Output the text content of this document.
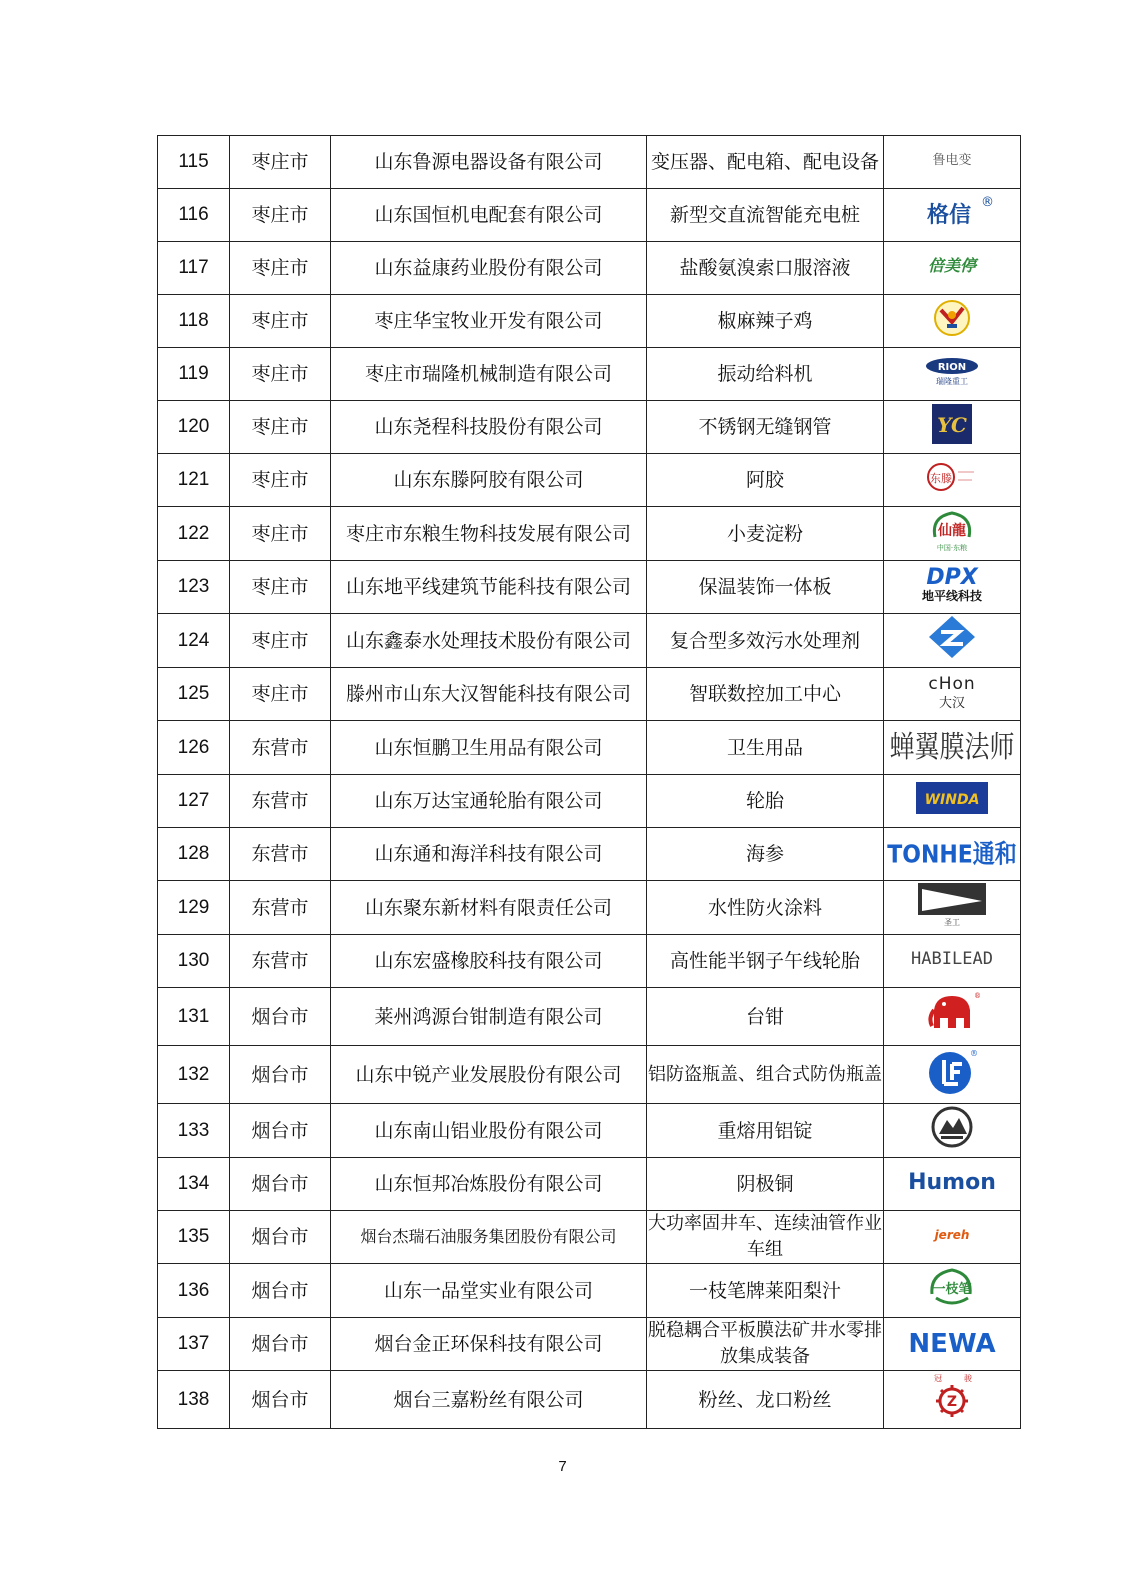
115	枣庄市	山东鲁源电器设备有限公司	变压器、配电箱、配电设备	鲁电变

116	枣庄市	山东国恒机电配套有限公司	新型交直流智能充电桩	格信
®

117	枣庄市	山东益康药业股份有限公司	盐酸氨溴索口服溶液	倍美停

118	枣庄市	枣庄华宝牧业开发有限公司	椒麻辣子鸡	
119	枣庄市	枣庄市瑞隆机械制造有限公司	振动给料机	RION
瑞隆重工

120	枣庄市	山东尧程科技股份有限公司	不锈钢无缝钢管	YC

121	枣庄市	山东东滕阿胶有限公司	阿胶	东滕

122	枣庄市	枣庄市东粮生物科技发展有限公司	小麦淀粉	仙龍
中国·东粮

123	枣庄市	山东地平线建筑节能科技有限公司	保温装饰一体板	DPX
地平线科技

124	枣庄市	山东鑫泰水处理技术股份有限公司	复合型多效污水处理剂	
125	枣庄市	滕州市山东大汉智能科技有限公司	智联数控加工中心	cHon
大汉

126	东营市	山东恒鹏卫生用品有限公司	卫生用品	蝉翼膜法师

127	东营市	山东万达宝通轮胎有限公司	轮胎	WINDA

128	东营市	山东通和海洋科技有限公司	海参	TONHE通和

129	东营市	山东聚东新材料有限责任公司	水性防火涂料	圣工

130	东营市	山东宏盛橡胶科技有限公司	高性能半钢子午线轮胎	HABILEAD

131	烟台市	莱州鸿源台钳制造有限公司	台钳	®

132	烟台市	山东中锐产业发展股份有限公司	铝防盗瓶盖、组合式防伪瓶盖	®

133	烟台市	山东南山铝业股份有限公司	重熔用铝锭	
134	烟台市	山东恒邦冶炼股份有限公司	阴极铜	Humon

135	烟台市	烟台杰瑞石油服务集团股份有限公司	大功率固井车、连续油管作业车组	jereh

136	烟台市	山东一品堂实业有限公司	一枝笔牌莱阳梨汁	一枝笔

137	烟台市	烟台金正环保科技有限公司	脱稳耦合平板膜法矿井水零排放集成装备	NEWA

138	烟台市	烟台三嘉粉丝有限公司	粉丝、龙口粉丝	冠 骏
Z
7
